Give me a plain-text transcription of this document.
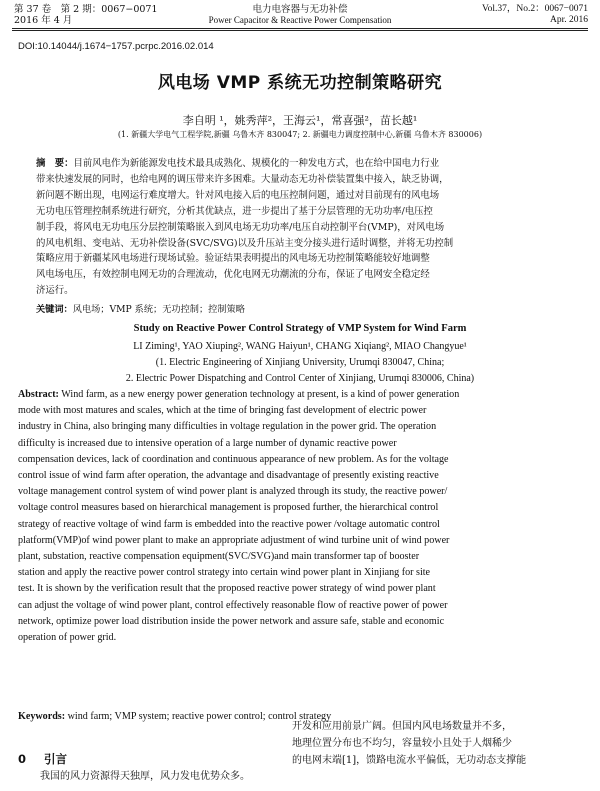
第 37 卷　第 2 期：0067−0071
2016 年 4 月
电力电容器与无功补偿
Power Capacitor & Reactive Power Compensation
Vol.37，No.2：0067−0071
Apr. 2016
DOI:10.14044/j.1674−1757.pcrpc.2016.02.014
风电场 VMP 系统无功控制策略研究
李自明 ¹，姚秀萍²，王海云¹，常喜强²，苗长越¹
(1. 新疆大学电气工程学院,新疆 乌鲁木齐 830047; 2. 新疆电力调度控制中心,新疆 乌鲁木齐 830006)
摘　要：目前风电作为新能源发电技术最具成熟化、规模化的一种发电方式，也在给中国电力行业
带来快速发展的同时，也给电网的调压带来许多困难。大量动态无功补偿装置集中接入，缺乏协调，
新问题不断出现，电网运行难度增大。针对风电接入后的电压控制问题，通过对目前现有的风电场
无功电压管理控制系统进行研究，分析其优缺点，进一步提出了基于分层管理的无功功率/电压控
制手段，将风电无功电压分层控制策略嵌入到风电场无功功率/电压自动控制平台(VMP)，对风电场
的风电机组、变电站、无功补偿设备(SVC/SVG)以及升压站主变分接头进行适时调整，并将无功控制
策略应用于新疆某风电场进行现场试验。验证结果表明提出的风电场无功控制策略能较好地调整
风电场电压，有效控制电网无功的合理流动，优化电网无功潮流的分布，保证了电网安全稳定经
济运行。
关键词：风电场；VMP 系统；无功控制；控制策略
Study on Reactive Power Control Strategy of VMP System for Wind Farm
LI Ziming¹, YAO Xiuping², WANG Haiyun¹, CHANG Xiqiang², MIAO Changyue¹
(1. Electric Engineering of Xinjiang University, Urumqi 830047, China;
2. Electric Power Dispatching and Control Center of Xinjiang, Urumqi 830006, China)
Abstract: Wind farm, as a new energy power generation technology at present, is a kind of power generation
mode with most matures and scales, which at the time of bringing fast development of electric power
industry in China, also bringing many difficulties in voltage regulation in the power grid. The operation
difficulty is increased due to intensive operation of a large number of dynamic reactive power
compensation devices, lack of coordination and continuous appearance of new problem. As for the voltage
control issue of wind farm after operation, the advantage and disadvantage of presently existing reactive
voltage management control system of wind power plant is analyzed through its study, the reactive power/
voltage control measures based on hierarchical management is proposed further, the hierarchical control
strategy of reactive voltage of wind farm is embedded into the reactive power /voltage automatic control
platform(VMP)of wind power plant to make an appropriate adjustment of wind turbine unit of wind power
plant, substation, reactive compensation equipment(SVC/SVG)and main transformer tap of booster
station and apply the reactive power control strategy into certain wind power plant in Xinjiang for site
test. It is shown by the verification result that the proposed reactive power strategy of wind power plant
can adjust the voltage of wind power plant, control effectively reasonable flow of reactive power of power
network, optimize power load distribution inside the power network and assure safe, stable and economic
operation of power grid.
Keywords: wind farm; VMP system; reactive power control; control strategy
0 引言
我国的风力资源得天独厚，风力发电优势众多。
开发和应用前景广阔。但国内风电场数量并不多，
地理位置分布也不均匀，容量较小且处于人烟稀少
的电网末端[1]，馈路电流水平偏低，无功动态支撑能
